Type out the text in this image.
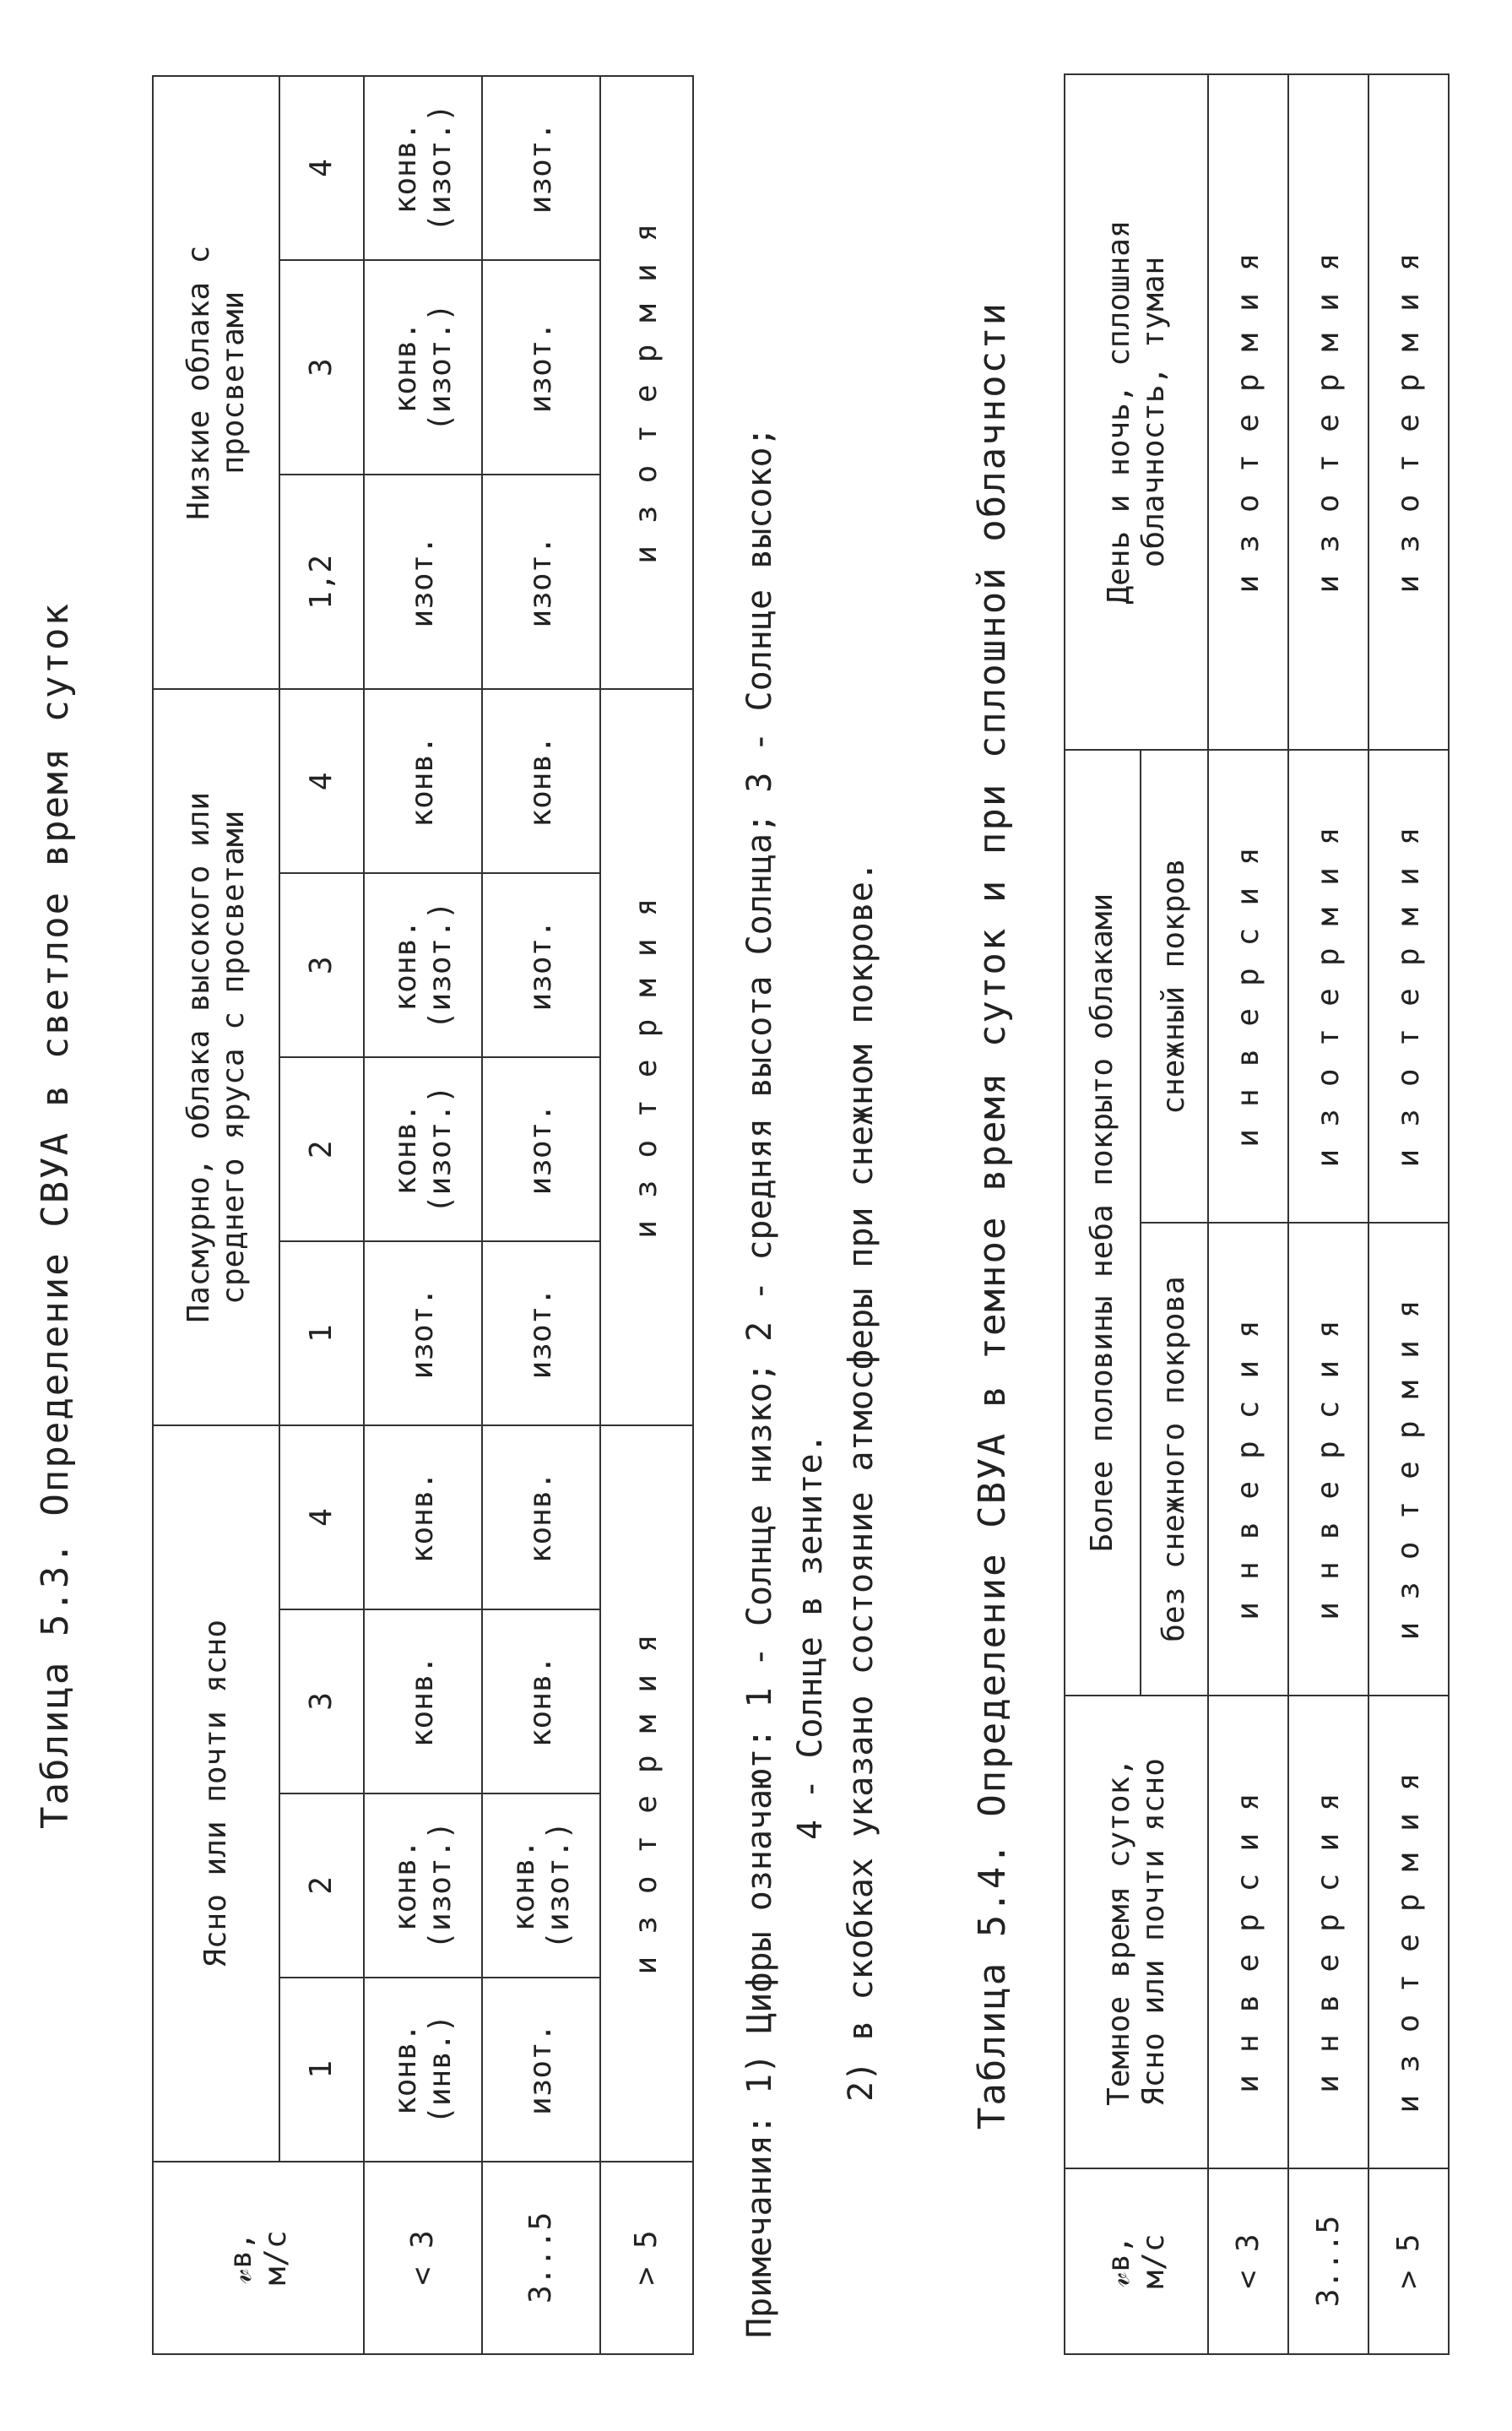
Таблица 5.3. Определение СВУА в светлое время суток
𝓋в,
м/с	Ясно или почти ясно				Пасмурно, облака высокого или
среднего яруса с просветами				Низкие облака с
просветами		
	1	2	3	4	1	2	3	4	1,2	3	4
< 3	конв.
(инв.)	конв.
(изот.)	конв.	конв.	изот.	конв.
(изот.)	конв.
(изот.)	конв.	изот.	конв.
(изот.)	конв.
(изот.)
3...5	изот.	конв.
(изот.)	конв.	конв.	изот.	изот.	изот.	конв.	изот.	изот.	изот.
> 5	изотермия				изотермия				изотермия		
Примечания: 1) Цифры означают: 1 - Солнце низко; 2 - средняя высота Солнца; 3 - Солнце высоко; 4 - Солнце в зените. 2) в скобках указано состояние атмосферы при снежном покрове. Таблица 5.4. Определение СВУА в темное время суток и при сплошной облачности
𝓋в,
м/с	Темное время суток,
Ясно или почти ясно	Более половины неба покрыто облаками		День и ночь, сплошная
облачность, туман
		без снежного покрова	снежный покров	
< 3	инверсия	инверсия	инверсия	изотермия
3...5	инверсия	инверсия	изотермия	изотермия
> 5	изотермия	изотермия	изотермия	изотермия
